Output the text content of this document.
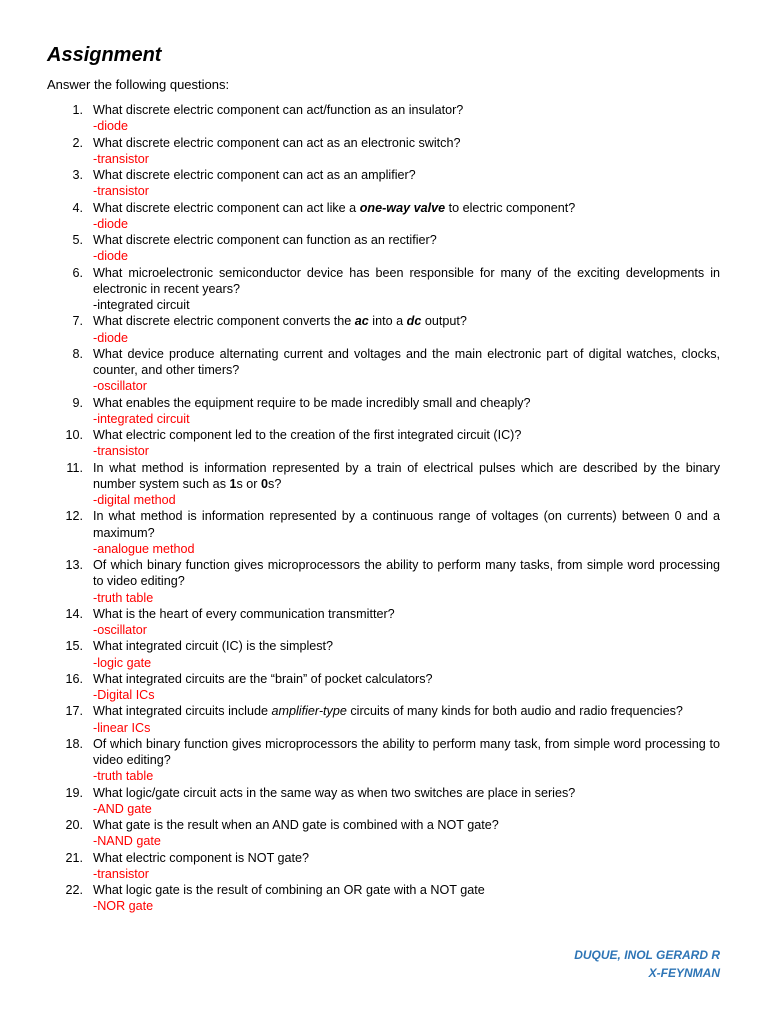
Assignment

Answer the following questions:

1. What discrete electric component can act/function as an insulator?
-diode
2. What discrete electric component can act as an electronic switch?
-transistor
3. What discrete electric component can act as an amplifier?
-transistor
4. What discrete electric component can act like a one-way valve to electric component?
-diode
5. What discrete electric component can function as an rectifier?
-diode
6. What microelectronic semiconductor device has been responsible for many of the exciting developments in electronic in recent years?
-integrated circuit
7. What discrete electric component converts the ac into a dc output?
-diode
8. What device produce alternating current and voltages and the main electronic part of digital watches, clocks, counter, and other timers?
-oscillator
9. What enables the equipment require to be made incredibly small and cheaply?
-integrated circuit
10. What electric component led to the creation of the first integrated circuit (IC)?
-transistor
11. In what method is information represented by a train of electrical pulses which are described by the binary number system such as 1s or 0s?
-digital method
12. In what method is information represented by a continuous range of voltages (on currents) between 0 and a maximum?
-analogue method
13. Of which binary function gives microprocessors the ability to perform many tasks, from simple word processing to video editing?
-truth table
14. What is the heart of every communication transmitter?
-oscillator
15. What integrated circuit (IC) is the simplest?
-logic gate
16. What integrated circuits are the “brain” of pocket calculators?
-Digital ICs
17. What integrated circuits include amplifier-type circuits of many kinds for both audio and radio frequencies?
-linear ICs
18. Of which binary function gives microprocessors the ability to perform many task, from simple word processing to video editing?
-truth table
19. What logic/gate circuit acts in the same way as when two switches are place in series?
-AND gate
20. What gate is the result when an AND gate is combined with a NOT gate?
-NAND gate
21. What electric component is NOT gate?
-transistor
22. What logic gate is the result of combining an OR gate with a NOT gate
-NOR gate
DUQUE, INOL GERARD R
X-FEYNMAN
